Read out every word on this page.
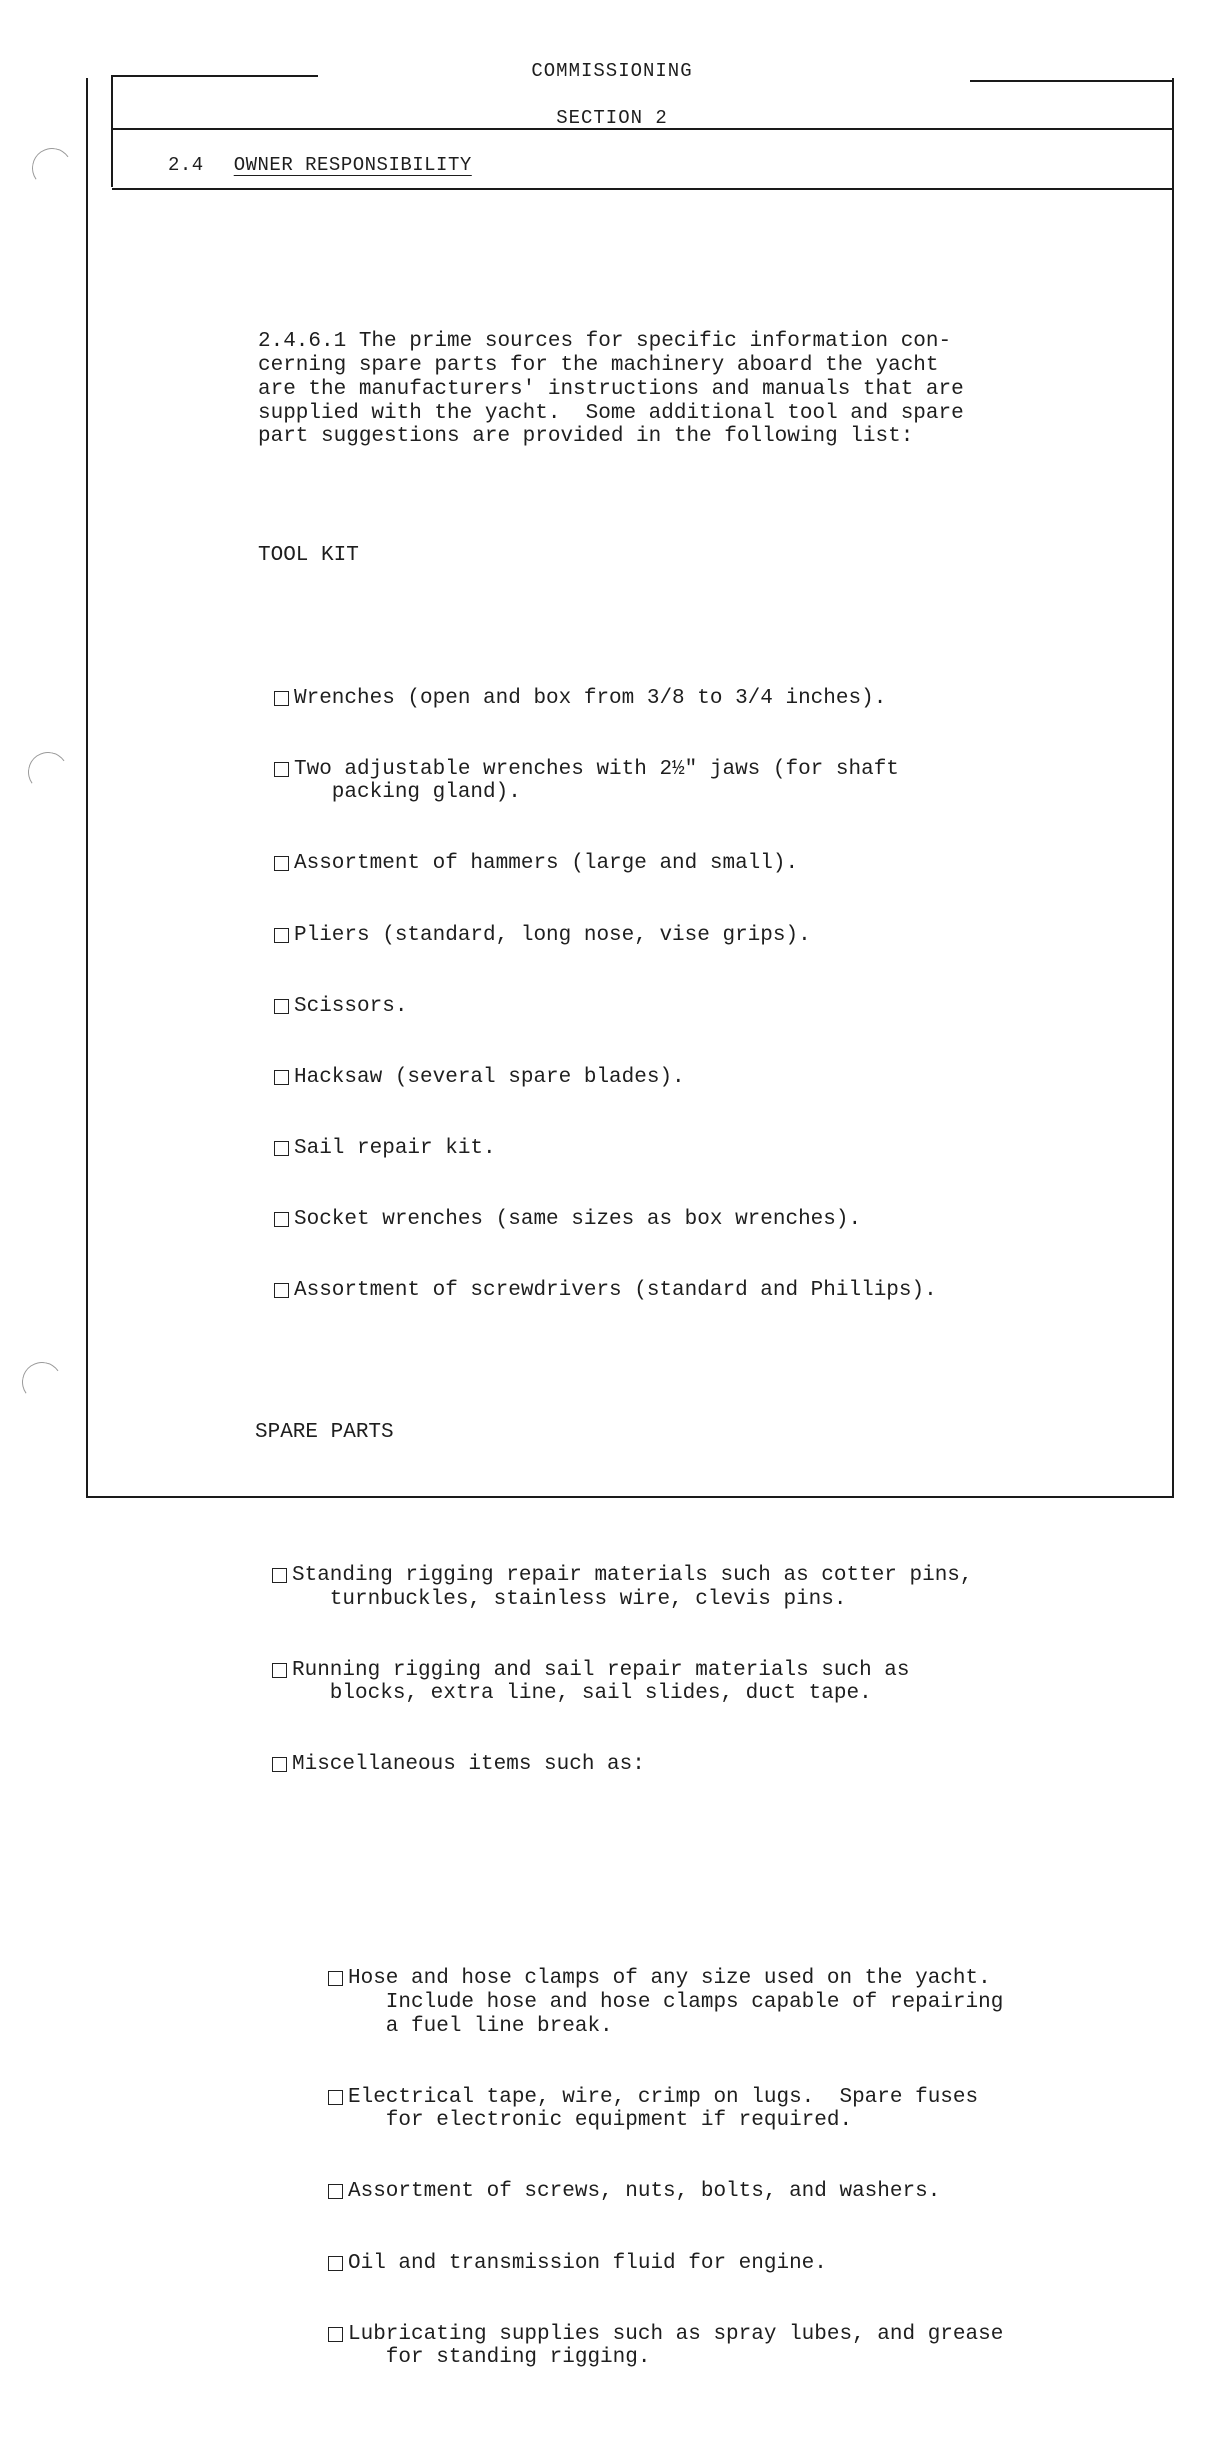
COMMISSIONING
SECTION 2
2.4 OWNER RESPONSIBILITY

2.4.6.1 The prime sources for specific information con-
cerning spare parts for the machinery aboard the yacht
are the manufacturers' instructions and manuals that are
supplied with the yacht.  Some additional tool and spare
part suggestions are provided in the following list:

TOOL KIT

Wrenches (open and box from 3/8 to 3/4 inches).

Two adjustable wrenches with 2½" jaws (for shaft
packing gland).

Assortment of hammers (large and small).

Pliers (standard, long nose, vise grips).

Scissors.

Hacksaw (several spare blades).

Sail repair kit.

Socket wrenches (same sizes as box wrenches).

Assortment of screwdrivers (standard and Phillips).

SPARE PARTS

Standing rigging repair materials such as cotter pins,
turnbuckles, stainless wire, clevis pins.

Running rigging and sail repair materials such as
blocks, extra line, sail slides, duct tape.

Miscellaneous items such as:

Hose and hose clamps of any size used on the yacht.
Include hose and hose clamps capable of repairing
a fuel line break.

Electrical tape, wire, crimp on lugs.  Spare fuses
for electronic equipment if required.

Assortment of screws, nuts, bolts, and washers.

Oil and transmission fluid for engine.

Lubricating supplies such as spray lubes, and grease
for standing rigging.
